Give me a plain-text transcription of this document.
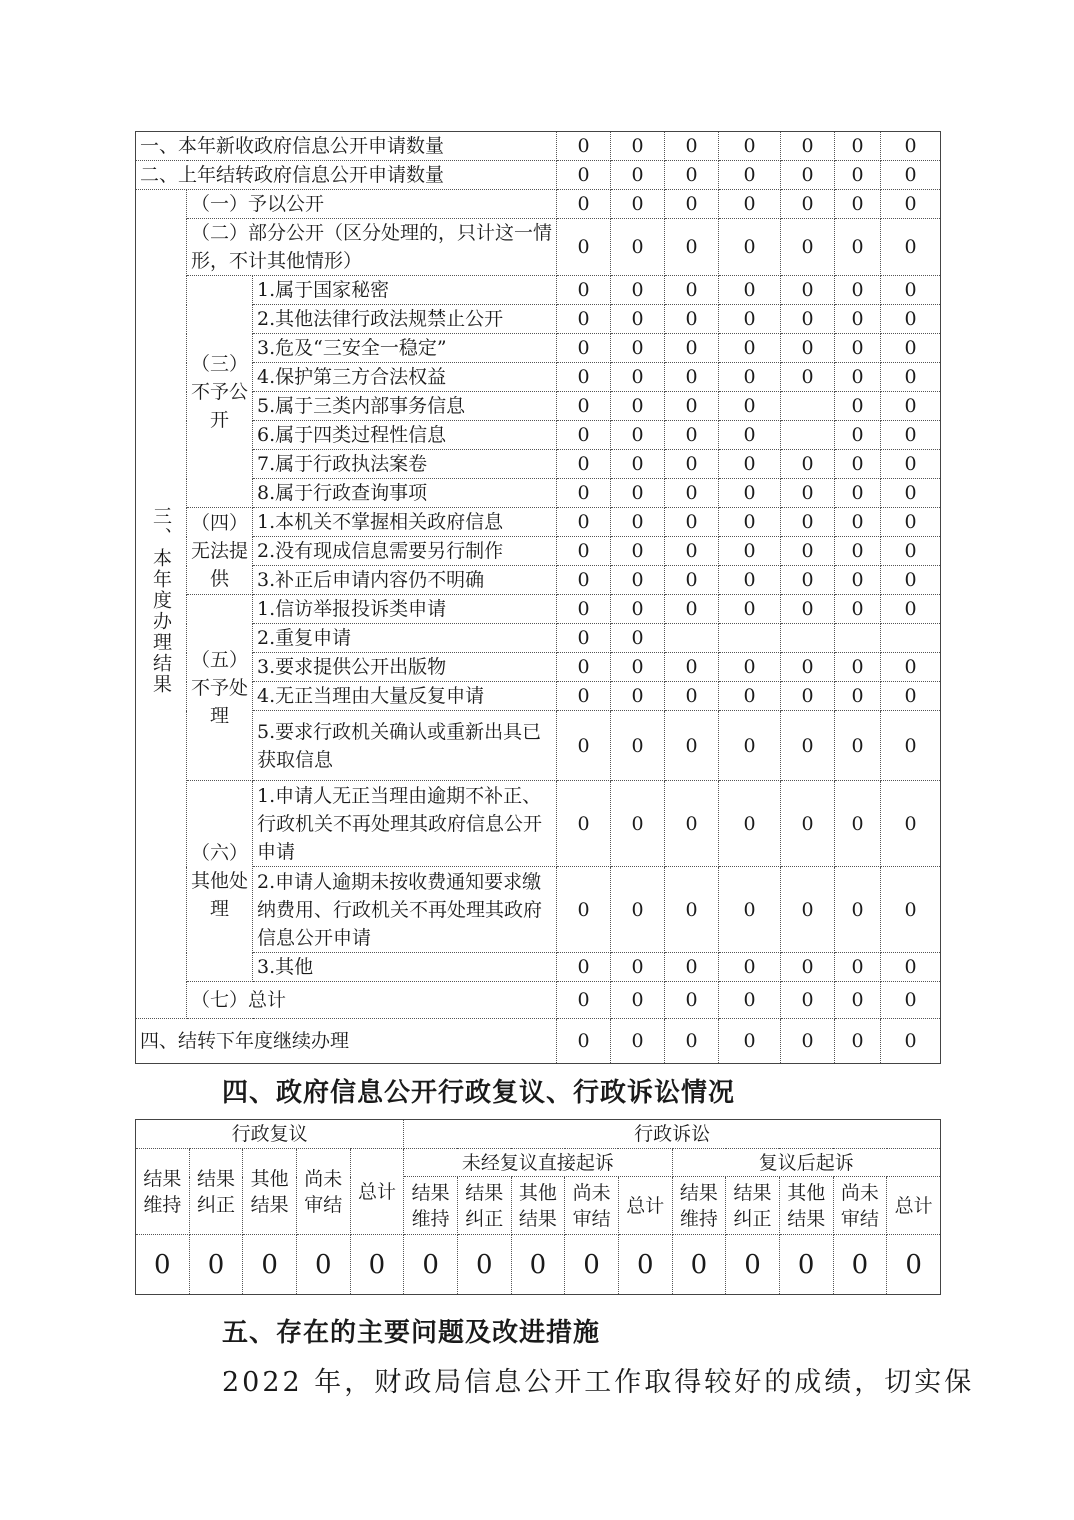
一、本年新收政府信息公开申请数量			0	0	0	0	0	0	0
二、上年结转政府信息公开申请数量			0	0	0	0	0	0	0
三、本年度办理结果	（一）予以公开		0	0	0	0	0	0	0
	（二）部分公开（区分处理的，只计这一情形，不计其他情形）		0	0	0	0	0	0	0
	（三）不予公开	1.属于国家秘密	0	0	0	0	0	0	0
		2.其他法律行政法规禁止公开	0	0	0	0	0	0	0
		3.危及“三安全一稳定”	0	0	0	0	0	0	0
		4.保护第三方合法权益	0	0	0	0	0	0	0
		5.属于三类内部事务信息	0	0	0	0		0	0
		6.属于四类过程性信息	0	0	0	0		0	0
		7.属于行政执法案卷	0	0	0	0	0	0	0
		8.属于行政查询事项	0	0	0	0	0	0	0
	（四）无法提供	1.本机关不掌握相关政府信息	0	0	0	0	0	0	0
		2.没有现成信息需要另行制作	0	0	0	0	0	0	0
		3.补正后申请内容仍不明确	0	0	0	0	0	0	0
	（五）不予处理	1.信访举报投诉类申请	0	0	0	0	0	0	0
		2.重复申请	0	0					
		3.要求提供公开出版物	0	0	0	0	0	0	0
		4.无正当理由大量反复申请	0	0	0	0	0	0	0
		5.要求行政机关确认或重新出具已获取信息	0	0	0	0	0	0	0
	（六）其他处理	1.申请人无正当理由逾期不补正、行政机关不再处理其政府信息公开申请	0	0	0	0	0	0	0
		2.申请人逾期未按收费通知要求缴纳费用、行政机关不再处理其政府信息公开申请	0	0	0	0	0	0	0
		3.其他	0	0	0	0	0	0	0
	（七）总计		0	0	0	0	0	0	0
四、结转下年度继续办理			0	0	0	0	0	0	0
四、政府信息公开行政复议、行政诉讼情况
行政复议					行政诉讼									
结果维持	结果纠正	其他结果	尚未审结	总计	未经复议直接起诉					复议后起诉				
					结果维持	结果纠正	其他结果	尚未审结	总计	结果维持	结果纠正	其他结果	尚未审结	总计
0	0	0	0	0	0	0	0	0	0	0	0	0	0	0
五、存在的主要问题及改进措施

2022 年，财政局信息公开工作取得较好的成绩，切实保
